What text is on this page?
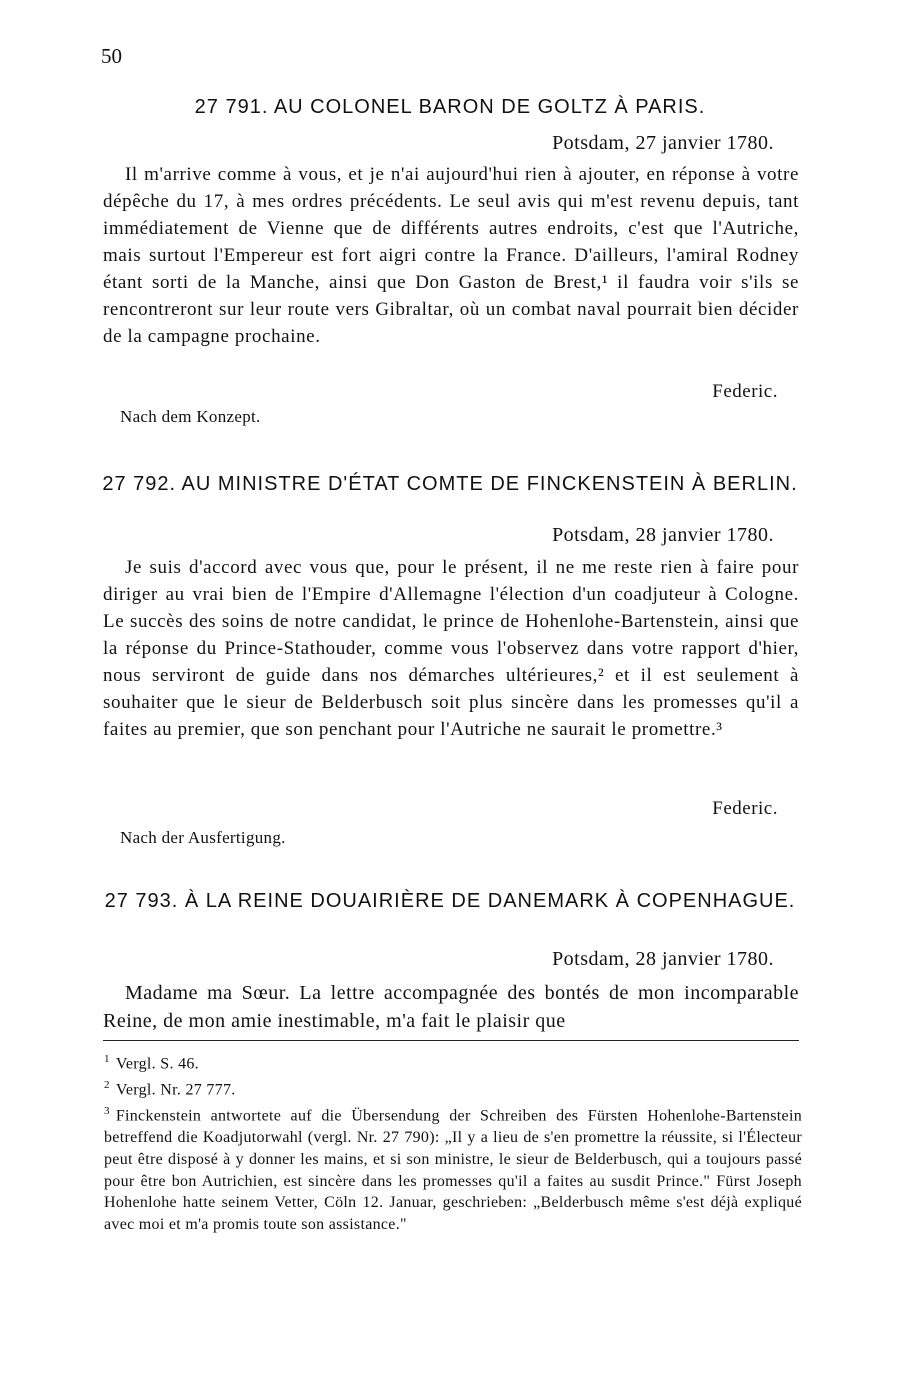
50
27 791. AU COLONEL BARON DE GOLTZ À PARIS.
Potsdam, 27 janvier 1780.

Il m'arrive comme à vous, et je n'ai aujourd'hui rien à ajouter, en réponse à votre dépêche du 17, à mes ordres précédents. Le seul avis qui m'est revenu depuis, tant immédiatement de Vienne que de différents autres endroits, c'est que l'Autriche, mais surtout l'Empereur est fort aigri contre la France. D'ailleurs, l'amiral Rodney étant sorti de la Manche, ainsi que Don Gaston de Brest,¹ il faudra voir s'ils se rencontreront sur leur route vers Gibraltar, où un combat naval pourrait bien décider de la campagne prochaine.

Federic.
Nach dem Konzept.
27 792. AU MINISTRE D'ÉTAT COMTE DE FINCKENSTEIN À BERLIN.
Potsdam, 28 janvier 1780.

Je suis d'accord avec vous que, pour le présent, il ne me reste rien à faire pour diriger au vrai bien de l'Empire d'Allemagne l'élection d'un coadjuteur à Cologne. Le succès des soins de notre candidat, le prince de Hohenlohe-Bartenstein, ainsi que la réponse du Prince-Stathouder, comme vous l'observez dans votre rapport d'hier, nous serviront de guide dans nos démarches ultérieures,² et il est seulement à souhaiter que le sieur de Belderbusch soit plus sincère dans les promesses qu'il a faites au premier, que son penchant pour l'Autriche ne saurait le promettre.³

Federic.
Nach der Ausfertigung.
27 793. À LA REINE DOUAIRIÈRE DE DANEMARK À COPENHAGUE.
Potsdam, 28 janvier 1780.

Madame ma Sœur. La lettre accompagnée des bontés de mon incomparable Reine, de mon amie inestimable, m'a fait le plaisir que

$^1$ Vergl. S. 46.

$^2$ Vergl. Nr. 27 777.

$^3$ Finckenstein antwortete auf die Übersendung der Schreiben des Fürsten Hohenlohe-Bartenstein betreffend die Koadjutorwahl (vergl. Nr. 27 790): „Il y a lieu de s'en promettre la réussite, si l'Électeur peut être disposé à y donner les mains, et si son ministre, le sieur de Belderbusch, qui a toujours passé pour être bon Autrichien, est sincère dans les promesses qu'il a faites au susdit Prince." Fürst Joseph Hohenlohe hatte seinem Vetter, Cöln 12. Januar, geschrieben: „Belderbusch même s'est déjà expliqué avec moi et m'a promis toute son assistance."
